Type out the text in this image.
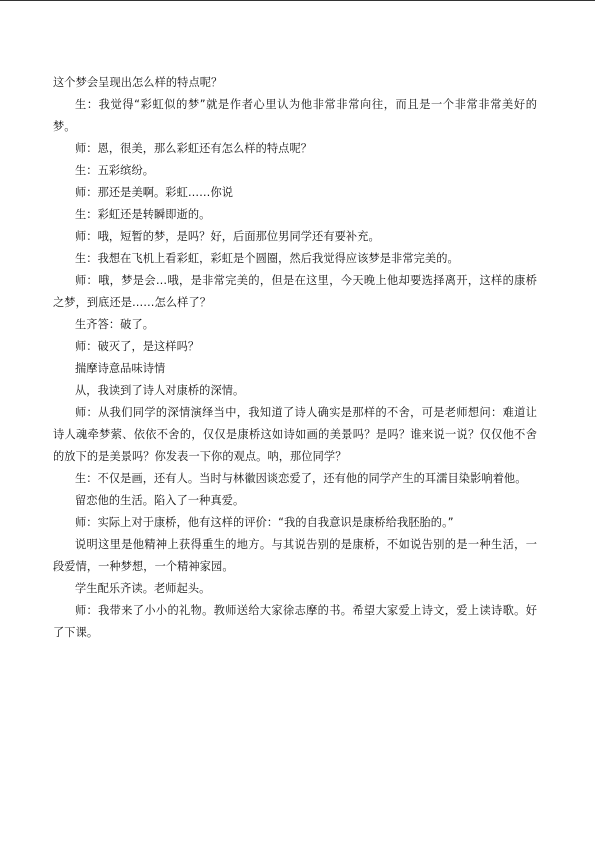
这个梦会呈现出怎么样的特点呢？

生：我觉得“彩虹似的梦”就是作者心里认为他非常非常向往，而且是一个非常非常美好的梦。

师：恩，很美，那么彩虹还有怎么样的特点呢？

生：五彩缤纷。

师：那还是美啊。彩虹……你说

生：彩虹还是转瞬即逝的。

师：哦，短暂的梦，是吗？好，后面那位男同学还有要补充。

生：我想在飞机上看彩虹，彩虹是个圆圈，然后我觉得应该梦是非常完美的。

师：哦，梦是会…哦，是非常完美的，但是在这里，今天晚上他却要选择离开，这样的康桥之梦，到底还是……怎么样了？

生齐答：破了。

师：破灭了，是这样吗？

揣摩诗意品味诗情

从，我读到了诗人对康桥的深情。

师：从我们同学的深情演绎当中，我知道了诗人确实是那样的不舍，可是老师想问：难道让诗人魂牵梦萦、依依不舍的，仅仅是康桥这如诗如画的美景吗？是吗？谁来说一说？仅仅他不舍的放下的是美景吗？你发表一下你的观点。呐，那位同学？

生：不仅是画，还有人。当时与林徽因谈恋爱了，还有他的同学产生的耳濡目染影响着他。

留恋他的生活。陷入了一种真爱。

师：实际上对于康桥，他有这样的评价：“我的自我意识是康桥给我胚胎的。”

说明这里是他精神上获得重生的地方。与其说告别的是康桥，不如说告别的是一种生活，一段爱情，一种梦想，一个精神家园。

学生配乐齐读。老师起头。

师：我带来了小小的礼物。教师送给大家徐志摩的书。希望大家爱上诗文，爱上读诗歌。好了下课。
